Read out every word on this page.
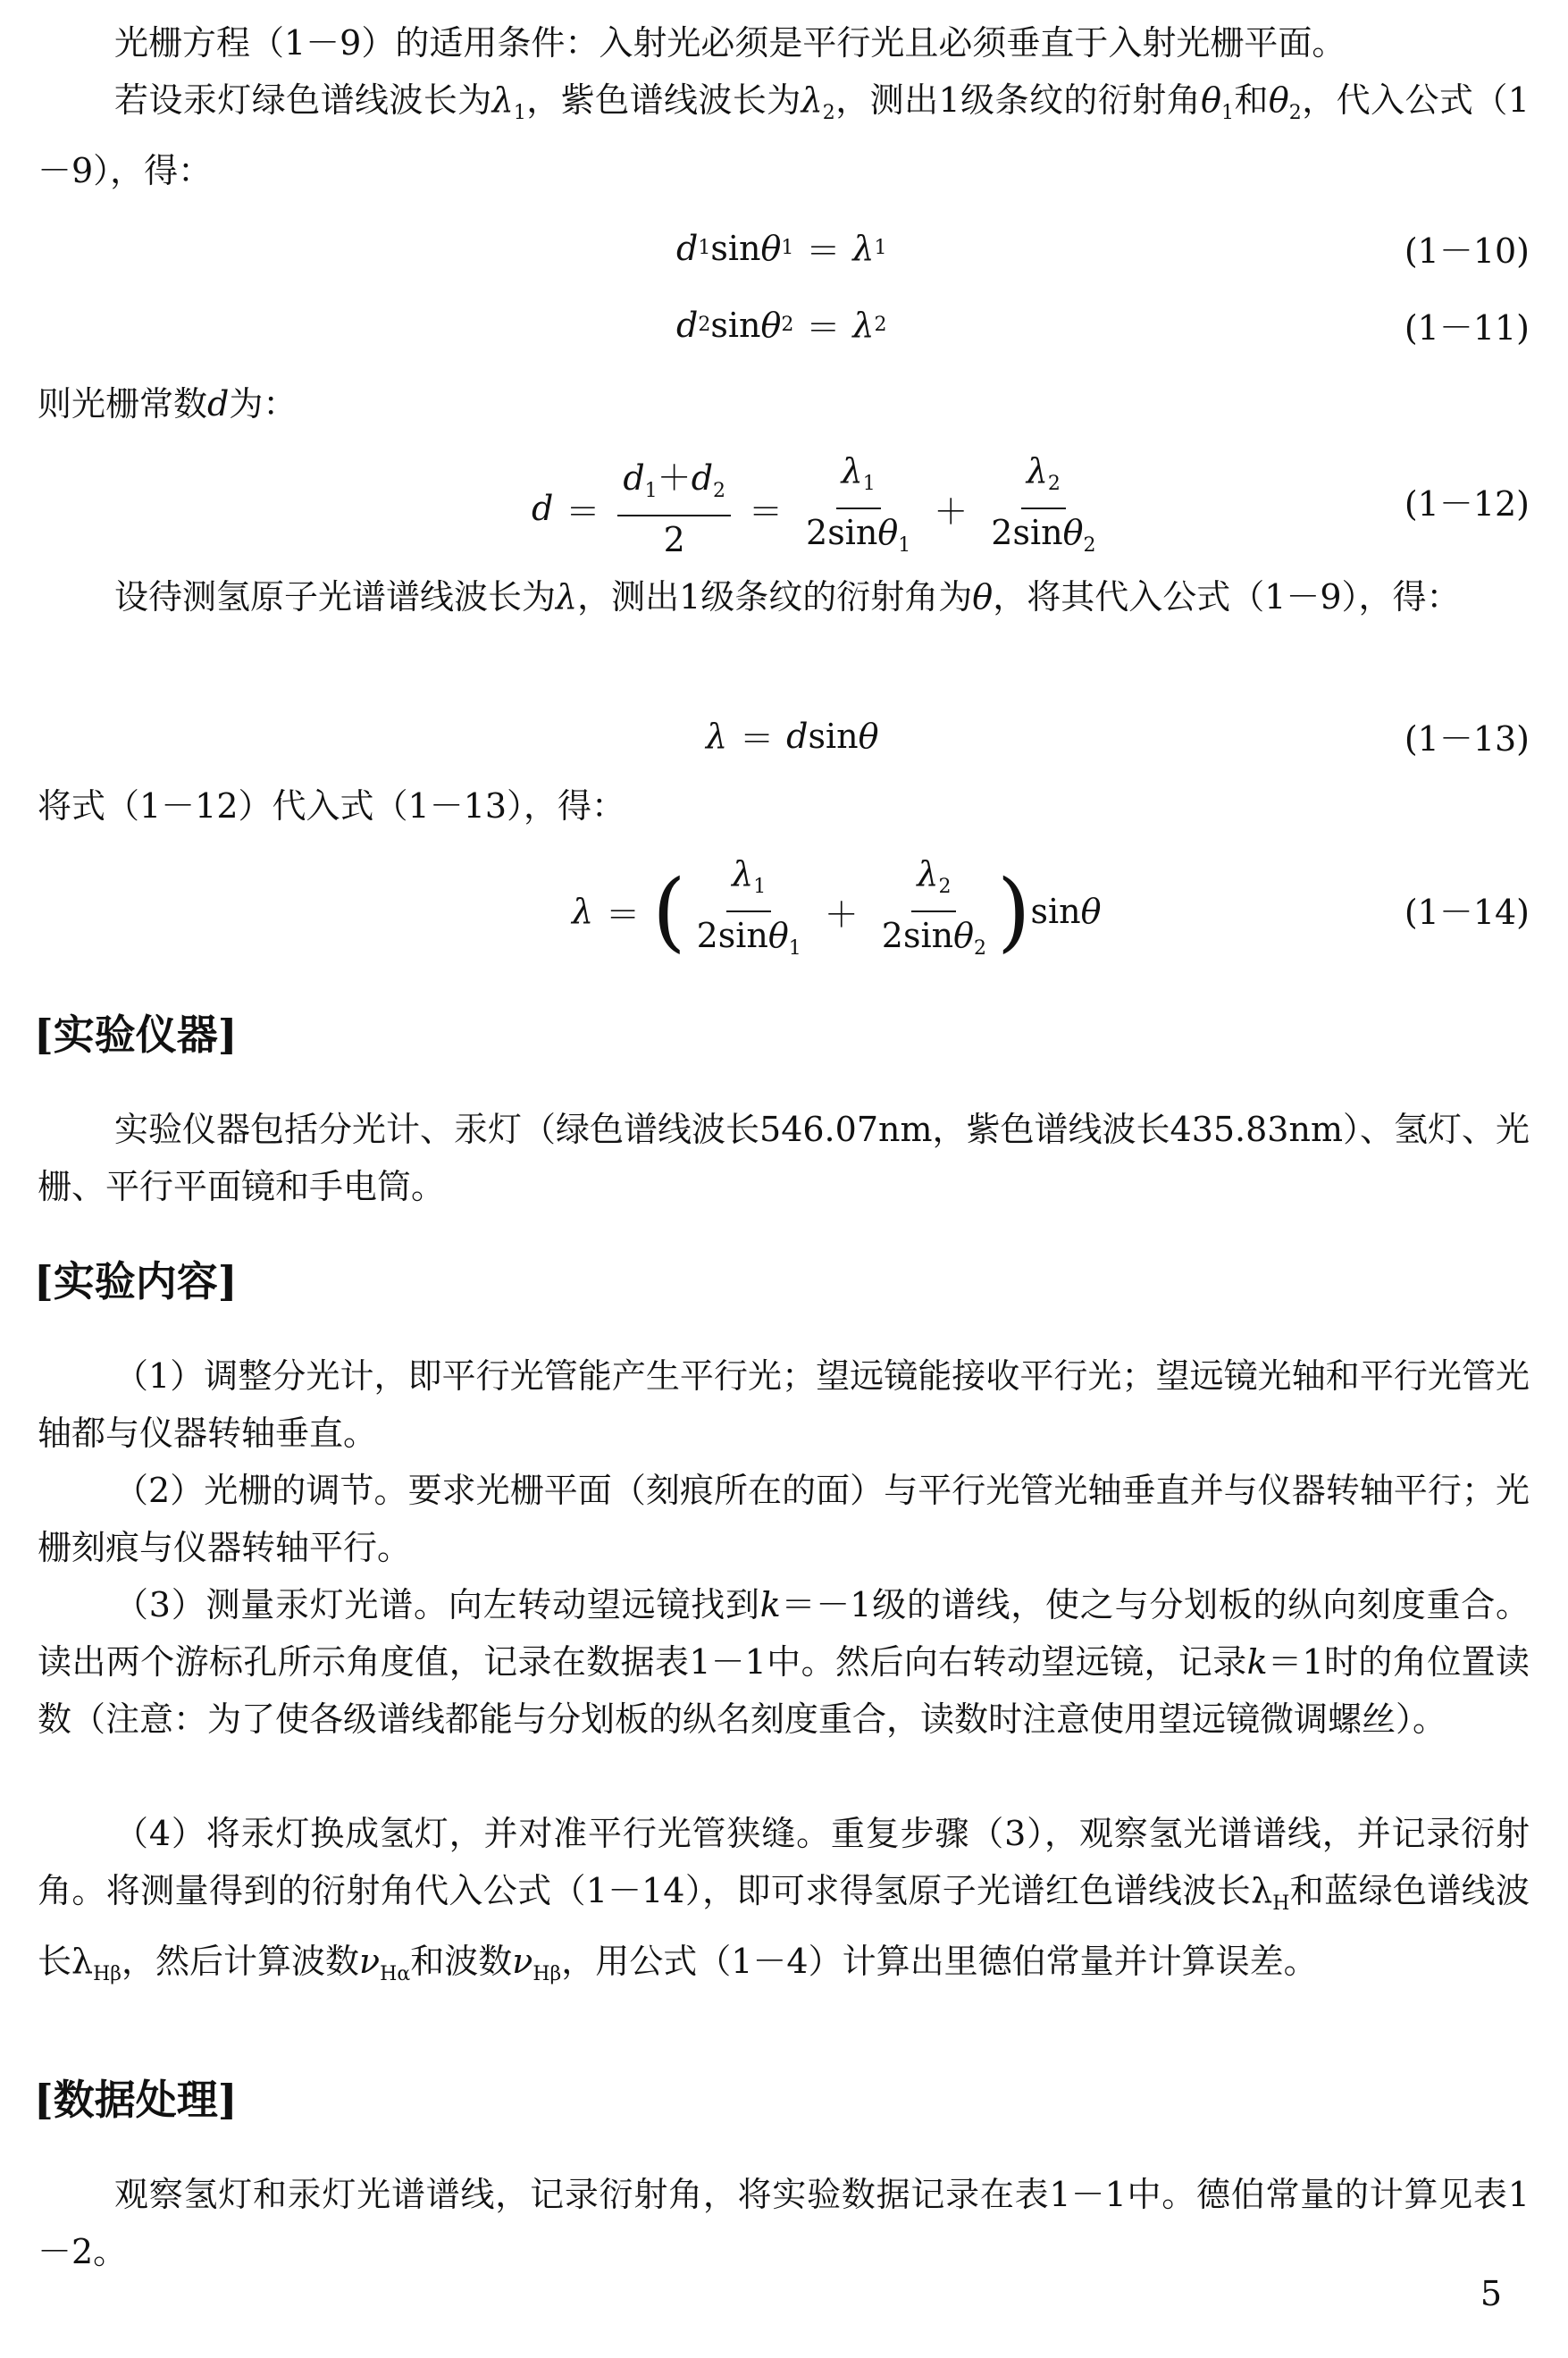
光栅方程（1－9）的适用条件：入射光必须是平行光且必须垂直于入射光栅平面。

若设汞灯绿色谱线波长为$\lambda_1$，紫色谱线波长为$\lambda_2$，测出1级条纹的衍射角$\theta_1$和$\theta_2$，代入公式（1－9），得：

d 1 sin θ 1 ＝ λ 1	(1－10)
d 2 sin θ 2 ＝ λ 2	(1－11)

则光栅常数d为：

$d = \frac{d_1+d_2}{2} = \frac{\lambda_1}{2\sin\theta_1} + \frac{\lambda_2}{2\sin\theta_2}$	(1－12)

设待测氢原子光谱谱线波长为λ，测出1级条纹的衍射角为θ，将其代入公式（1－9），得：

λ ＝ d sin θ	(1－13)

将式（1－12）代入式（1－13），得：

λ ＝ ( $\frac{\lambda_1}{2\sin\theta_1} + \frac{\lambda_2}{2\sin\theta_2}$ ) sin θ	(1－14)
[实验仪器]

实验仪器包括分光计、汞灯（绿色谱线波长546.07nm，紫色谱线波长435.83nm）、氢灯、光栅、平行平面镜和手电筒。

[实验内容]

（1）调整分光计，即平行光管能产生平行光；望远镜能接收平行光；望远镜光轴和平行光管光轴都与仪器转轴垂直。

（2）光栅的调节。要求光栅平面（刻痕所在的面）与平行光管光轴垂直并与仪器转轴平行；光栅刻痕与仪器转轴平行。

（3）测量汞灯光谱。向左转动望远镜找到k＝－1级的谱线，使之与分划板的纵向刻度重合。读出两个游标孔所示角度值，记录在数据表1－1中。然后向右转动望远镜，记录k＝1时的角位置读数（注意：为了使各级谱线都能与分划板的纵名刻度重合，读数时注意使用望远镜微调螺丝）。

（4）将汞灯换成氢灯，并对准平行光管狭缝。重复步骤（3），观察氢光谱谱线，并记录衍射角。将测量得到的衍射角代入公式（1－14），即可求得氢原子光谱红色谱线波长$\lambda_H$和蓝绿色谱线波长$\lambda_{H\beta}$，然后计算波数$\nu_{H\alpha}$和波数$\nu_{H\beta}$，用公式（1－4）计算出里德伯常量并计算误差。

[数据处理]

观察氢灯和汞灯光谱谱线，记录衍射角，将实验数据记录在表1－1中。德伯常量的计算见表1－2。

5
